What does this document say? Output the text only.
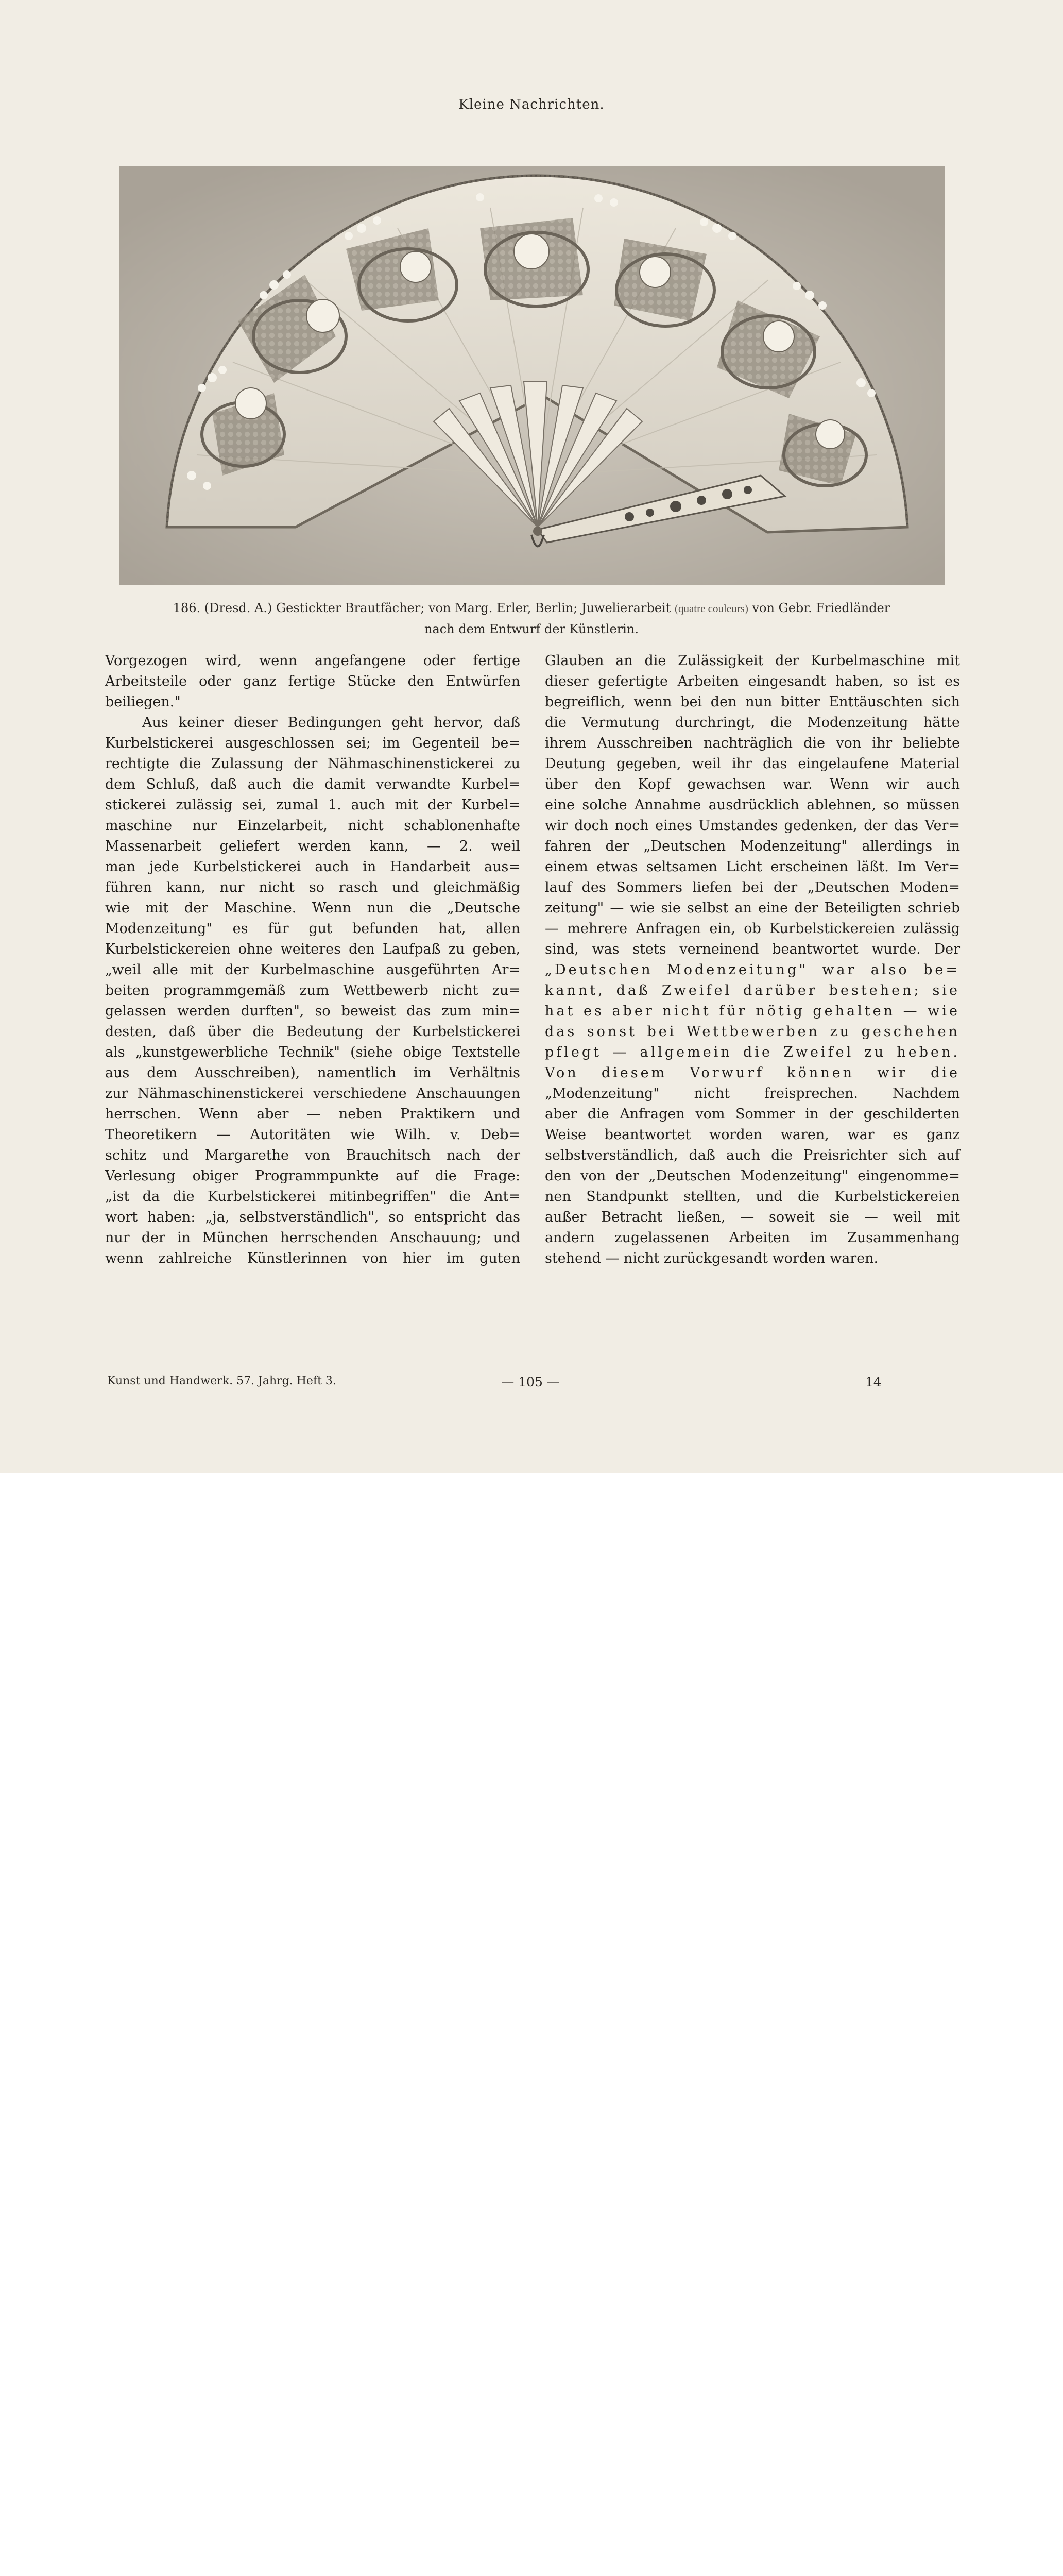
Kleine Nachrichten.
186. (Dresd. A.) Gestickter Brautfächer; von Marg. Erler, Berlin; Juwelierarbeit (quatre couleurs) von Gebr. Friedländer
nach dem Entwurf der Künstlerin.
Vorgezogen wird, wenn angefangene oder fertige
Arbeitsteile oder ganz fertige Stücke den Entwürfen
beiliegen."
Aus keiner dieser Bedingungen geht hervor, daß
Kurbelstickerei ausgeschlossen sei; im Gegenteil be=
rechtigte die Zulassung der Nähmaschinenstickerei zu
dem Schluß, daß auch die damit verwandte Kurbel=
stickerei zulässig sei, zumal 1. auch mit der Kurbel=
maschine nur Einzelarbeit, nicht schablonenhafte
Massenarbeit geliefert werden kann, — 2. weil
man jede Kurbelstickerei auch in Handarbeit aus=
führen kann, nur nicht so rasch und gleichmäßig
wie mit der Maschine. Wenn nun die „Deutsche
Modenzeitung" es für gut befunden hat, allen
Kurbelstickereien ohne weiteres den Laufpaß zu geben,
„weil alle mit der Kurbelmaschine ausgeführten Ar=
beiten programmgemäß zum Wettbewerb nicht zu=
gelassen werden durften", so beweist das zum min=
desten, daß über die Bedeutung der Kurbelstickerei
als „kunstgewerbliche Technik" (siehe obige Textstelle
aus dem Ausschreiben), namentlich im Verhältnis
zur Nähmaschinenstickerei verschiedene Anschauungen
herrschen. Wenn aber — neben Praktikern und
Theoretikern — Autoritäten wie Wilh. v. Deb=
schitz und Margarethe von Brauchitsch nach der
Verlesung obiger Programmpunkte auf die Frage:
„ist da die Kurbelstickerei mitinbegriffen" die Ant=
wort haben: „ja, selbstverständlich", so entspricht das
nur der in München herrschenden Anschauung; und
wenn zahlreiche Künstlerinnen von hier im guten
Glauben an die Zulässigkeit der Kurbelmaschine mit
dieser gefertigte Arbeiten eingesandt haben, so ist es
begreiflich, wenn bei den nun bitter Enttäuschten sich
die Vermutung durchringt, die Modenzeitung hätte
ihrem Ausschreiben nachträglich die von ihr beliebte
Deutung gegeben, weil ihr das eingelaufene Material
über den Kopf gewachsen war. Wenn wir auch
eine solche Annahme ausdrücklich ablehnen, so müssen
wir doch noch eines Umstandes gedenken, der das Ver=
fahren der „Deutschen Modenzeitung" allerdings in
einem etwas seltsamen Licht erscheinen läßt. Im Ver=
lauf des Sommers liefen bei der „Deutschen Moden=
zeitung" — wie sie selbst an eine der Beteiligten schrieb
— mehrere Anfragen ein, ob Kurbelstickereien zulässig
sind, was stets verneinend beantwortet wurde. Der
„Deutschen Modenzeitung" war also be=
kannt, daß Zweifel darüber bestehen; sie
hat es aber nicht für nötig gehalten — wie
das sonst bei Wettbewerben zu geschehen
pflegt — allgemein die Zweifel zu heben.
Von diesem Vorwurf können wir die
„Modenzeitung" nicht freisprechen. Nachdem
aber die Anfragen vom Sommer in der geschilderten
Weise beantwortet worden waren, war es ganz
selbstverständlich, daß auch die Preisrichter sich auf
den von der „Deutschen Modenzeitung" eingenomme=
nen Standpunkt stellten, und die Kurbelstickereien
außer Betracht ließen, — soweit sie — weil mit
andern zugelassenen Arbeiten im Zusammenhang
stehend — nicht zurückgesandt worden waren.
Kunst und Handwerk. 57. Jahrg. Heft 3.	— 105 —	14
